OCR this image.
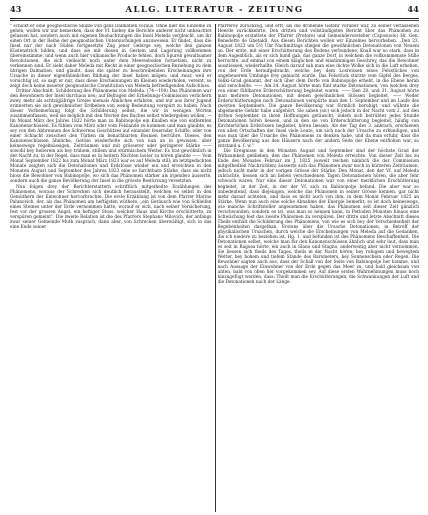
43	ALLG. LITERATUR - ZEITUNG	44

" schickt er eine geognostische Skizze von ganz Dalmatien voraus. Ohne hier ins Einzelne zu gehen, wollen wir nur bemerken, dass der Vf. hiebey die Berichte anderer nicht unbeachtet gelassen hat, sondern auch mit eigenen Beobachtungen die Insel Meleda vergleicht, um ihr einen Ort in der Reihe der geognostischen Untersuchungen anzuweisen. Er findet, dass die Insel nur der nach Süden fortgesetzte Zug jener Gebirge sey, welche den ganzen Küstenstrich bilden, und dass sie mit diesen in Gestein und Lagerung vollkommen übereinstimme, und wenn auch hier vulkanische Producte fehlen, doch Spuren gewaltsamer Revolutionen, die sich vielleicht noch unter dem Meeresboden fortsetzen, nicht zu verkennen sind. Er sieht daher Meleda mit Recht in einer geognostischen Beziehung zu dem übrigen Dalmatien, und glaubt, dass die später zu beschreibenden Erscheinungen ihre Ursache in dieser eigenthümlichen Bildung der Insel haben mögen; und zwar, weil er vorsichtig ist, so sagt er nur, dass diese Erscheinungen im Kleinen wiederholen, vereint, so zeigt doch keine neuerer geognostische Constitution von Meleda befriedigenden Aufschluss.

Dritter Abschnitt. Schilderung des Phänomens von Meleda. (74—100) Das Phänomen war den Bewohnern der Insel durchaus neu; auf Befragen der Erhebungs-Commission verlichern zwey, mehr als achtzigjährige Greise niemals Ähnliches erfahren, und nur aus ihrer Jugend erinnerten sie sich gewöhnlicher Erdbeben von wenig Bedeutung verspürt zu haben. Nach dieser Vorbemerkung folgt die Schilderung selbst, die wir in wenigen Worten zusammenfassen, weil sie möglich mit den Worten des Buches selbst wiedergeben wollen. — Im Monat März des Jahres 1822 hörte man zu Babinopolje ein Knallen wie von entfernten Kanonenschüssen. Es fühlen vom März oder vom Felslande zu kommen und man glaubte, es sey von den Abbrennen des Schwerens Geschützes auf einander feuernder Schiffe, oder von einer Schlacht zwischen den Türken im benachbarten Bosnien herrühre. Dieses, den Kanonenschüssen ähnliche, Getöse wiederholte sich von nun an in gewissen, aber keineswegs regelmässigen, Zeiträumen und mit grösserer oder geringerer Stärke —— sowohl bey heiterem als bey trübem, stillem und stürmischem Wetter. Es trat gewöhnlich in der Nacht zu, in der Regel, dass man es in heitern Nächten lauter zu hören glaubte —— Vom Monat September 1822 bis zum Monat März 1823 war es auf Meleda still; im letztgedachten Monate zeigten sich die Detonationen und Erdstösse wieder ein und erreichten in den Monaten August und September des Jahres 1823 eine so furchtbare Stärke, dass sie nicht bloss die Bewohner von Babinopolje, wo sich das Phänomen stärker als irgendwo äusserte, sondern auch die ganze Bevölkerung der Insel in die grösste Bestürzung versetzten.

Nun folgen drey der Berichterstattern schriftlich mitgetheilte Erzählungen des Phänomens, woraus der Schrecken sich deutlich herausstellt, welchen es selbst in den Gemüthern der Einwohner hervorbrachte. Die erste Erzählung ist von dem Pfarrer Marino Palunovich, der, als das Phänomen am heftigsten wüthete, „ein Geräusch wie von Schleifen eines Steines unter der Erde vernommen hatte, worauf er sich, nach seiner Versicherung, fest vor der grossen Angst, ein heftiger Stoss, welcher Haus und Kirche erschütterte, zu verspüren gemeint“. Die zweite Relation ist die des Pfarrers Stephano Milovich, der anfangs zwar seiner Gemeinde Muth zusprach, dann aber, von Schrecken überwältigt, sich in das eine Ende seiner

Pfarrerey zurückzog, und erft, als die drohende Gefahr vorüber war, zu seiner verlassenen Heerde zurückkehrte. Den dritten und vollständigsten Bericht über das Phänomen zu Babinopolje erstattete der Pfarrer (Pretore) und Gemeindevorsteher (Caposuolo) Hr. Gen. Benedetto de Ghetaldi. Aus diesen Berichten wollen wir Einzelnes hervorheben. „Den 23. August 1823 um 5½ Uhr Nachmittags stiegen die gewöhnlichen Detonationen von Neuem an. Der erste, mit einer Erschütterung des Bodens verbundene, Knall war so stark, dass in dem Augenblick, als er sich kund gab, das ganze Dorf, in welchem die vollkommenste Stille herrschte, auf einmal von einem kläglichen und einstimmigen Geschrey, das die Bewohner ausstiessen, wiederhallte. Gleich darauf sah man eine dichte Wolke sich in die Luft erheben, von der Erde heraufgebracht, welche bey dem Losreissen eines Felsstückes von ungeheuerem Umfange frey gemacht wurde. Das Felsstück stürzte vom Gipfel des Berges, Veliki-Grad genannt, der sich über dem Dorfe von Babinopolje erhebt, in die Ebene herab und zerschellte. —— Am 24. August hörte man fünf starke Detonationen, von welchen drey von einer fühlbaren Erderschütterung begleitet waren. —— Den 28. und 31. August hörte man mehrere Detonationen, mit denen gewöhnlichen Stössen begleitet. —— Weder Erderschütterungen noch Detonationen verspürte man den 1. September und im Laufe des zweyten Septembers. Die ganze Bevölkerung war förmlich beruhigt, und wähnte die abgemeinte Gefahr habe aufgehört. Sie sahen (sic) sich jedoch in der Nacht vom 2. auf den dritten September in ihren Hoffnungen getäuscht, indem sich betrübter jedes Stunde Detonationen hören liessen, und in den sie von Erderschütterung begleitet, häufig von fürchterlichen Erdstössen begleitet, hören liessen. Als der Tag des 3. anbrach, erschienen von allen Ortschaften der Insel viele Leute, um sich nach der Ursache zu erkundigen, und was man über die Ursache des Phänomens zu denken habe, und da man erfuhr, dass die ganze Bevölkerung aus den Häusern nach der andern Seite der Ebene entflohen war, so entstand u. f. w.“

Die Ereignisse in den Monaten August und September sind der höchste Grad der Wirksamkeit geblieben, den das Phänomen von Meleda erreichte. Von dieser Zeit bis zu Ende des Monates Februar im J. 1825 (soweit reichen nämlich die der Commission mitgetheilten Nachrichten) äusserte sich das Phänomen zwar noch in kürzeren Zeiträumen, jedoch nicht mehr in der vorigen Grösse der Stärke. Den Monat, den der Vf. auf Meleda zubrachte, liessen sich an lieben verschiedenen Tagen Detonationen hören, die aber fehr schwach waren. Nur eine dieser Detonationen war von einer merklichen Erschütterung begleitet, in der Zeit, in der der Vf. sich zu Babinopolje befand. Die aber war so unbedeutend, dass diejenigen, welche das Phänomen in seiner Grösse kennen, gar nicht mehr darauf achteten, und dass es nicht auch von ihm, in dem Monat Februar 1825 an Stärke. Wenn nun auch eine solche Abnahme der Energie bemerkt, so ist doch keineswegs, wie manche Schriftsteller angenommen haben, das Phänomen seit dieser Zeit gänzlich verschwunden, sondern es ist, was man so nennen kann, in Perioden Monaten hinaus eine Schwächung fest das zweite Phänomen zu verspüren. Der dritte und letzte Abschnitt dieses Theils enthält die Schilderung des Phänomens, von wie es sich bey der Verschiedenheit der Begebenheiten dargethan. Erstens über die Ursache Detonationen, in Betreff der physikalischen Ursachen, durch welche die Erscheinungen von Meleda auf die Gedanken, die ich niedere zu beziehen ist, Hg. 1. und befunden ist des Phänomens Beschaffenheit. Die Detonationen selbst, welche man für den Kanonenschüssen ähnlich und sehr laut, dass man es seit in Ragusa hörte, ein auch in Slano und Stagno, anderweitig aber nicht vernommen. Sie liessen sich theils des Tages, theils in der Nacht hören, bey ruhigem und bewegtem Wetter, bey hohem und tiefem Stande des Barometers, bey Sonnenschein oder Regen. Die Bewohner sagten auch aus, dass der Schall von der Seite von Babinopolje her komme, und nach Aussage der Einwohner von der Erde gegen das Meer zu, und bald gleichsam von unten, bald von oben her vorgekommen sey. Auf diese ersten Wahrnehmungen muss noch hinzugefügt werden, dass: Theilt man die Erschütterungen, die Schwankungen der Luft und die Detonationen nach der Länge.
